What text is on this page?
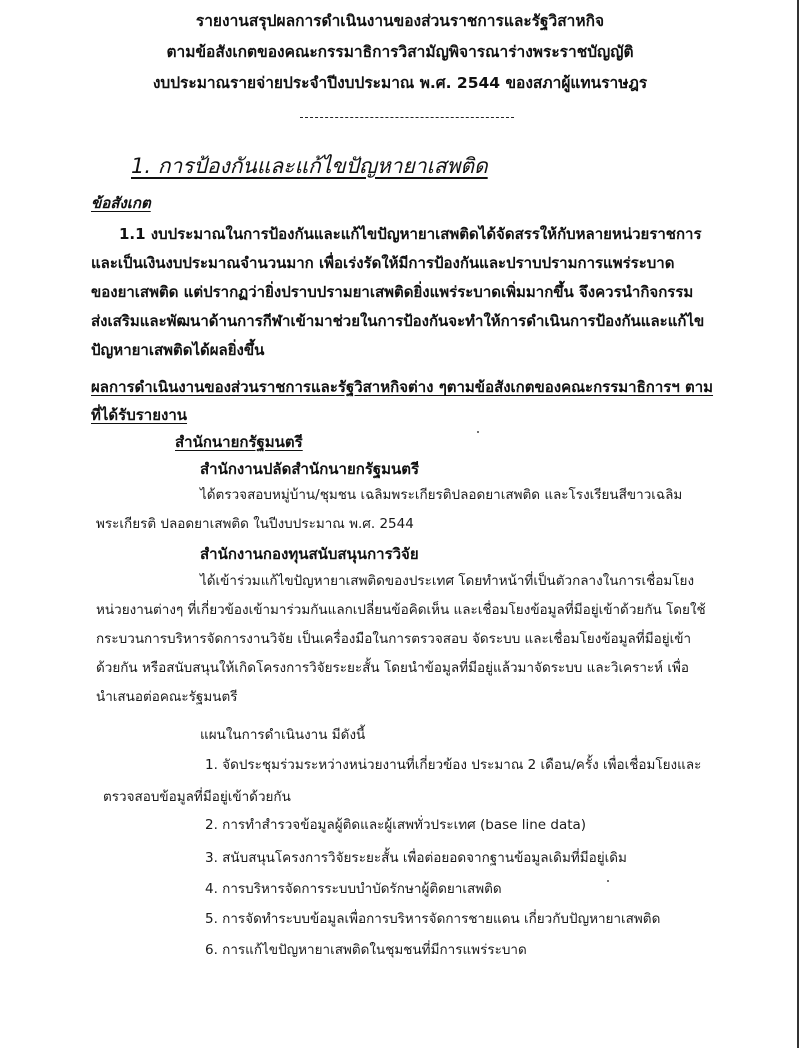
รายงานสรุปผลการดำเนินงานของส่วนราชการและรัฐวิสาหกิจ
ตามข้อสังเกตของคณะกรรมาธิการวิสามัญพิจารณาร่างพระราชบัญญัติ
งบประมาณรายจ่ายประจำปีงบประมาณ พ.ศ. 2544 ของสภาผู้แทนราษฎร
1. การป้องกันและแก้ไขปัญหายาเสพติด
ข้อสังเกต
1.1 งบประมาณในการป้องกันและแก้ไขปัญหายาเสพติดได้จัดสรรให้กับหลายหน่วยราชการ
และเป็นเงินงบประมาณจำนวนมาก เพื่อเร่งรัดให้มีการป้องกันและปราบปรามการแพร่ระบาด
ของยาเสพติด แต่ปรากฏว่ายิ่งปราบปรามยาเสพติดยิ่งแพร่ระบาดเพิ่มมากขึ้น จึงควรนำกิจกรรม
ส่งเสริมและพัฒนาด้านการกีฬาเข้ามาช่วยในการป้องกันจะทำให้การดำเนินการป้องกันและแก้ไข
ปัญหายาเสพติดได้ผลยิ่งขึ้น
ผลการดำเนินงานของส่วนราชการและรัฐวิสาหกิจต่าง ๆตามข้อสังเกตของคณะกรรมาธิการฯ ตาม
ที่ได้รับรายงาน
สำนักนายกรัฐมนตรี
สำนักงานปลัดสำนักนายกรัฐมนตรี
ได้ตรวจสอบหมู่บ้าน/ชุมชน เฉลิมพระเกียรติปลอดยาเสพติด และโรงเรียนสีขาวเฉลิม
พระเกียรติ ปลอดยาเสพติด ในปีงบประมาณ พ.ศ. 2544
สำนักงานกองทุนสนับสนุนการวิจัย
ได้เข้าร่วมแก้ไขปัญหายาเสพติดของประเทศ โดยทำหน้าที่เป็นตัวกลางในการเชื่อมโยง
หน่วยงานต่างๆ ที่เกี่ยวข้องเข้ามาร่วมกันแลกเปลี่ยนข้อคิดเห็น และเชื่อมโยงข้อมูลที่มีอยู่เข้าด้วยกัน โดยใช้
กระบวนการบริหารจัดการงานวิจัย เป็นเครื่องมือในการตรวจสอบ จัดระบบ และเชื่อมโยงข้อมูลที่มีอยู่เข้า
ด้วยกัน หรือสนับสนุนให้เกิดโครงการวิจัยระยะสั้น โดยนำข้อมูลที่มีอยู่แล้วมาจัดระบบ และวิเคราะห์ เพื่อ
นำเสนอต่อคณะรัฐมนตรี
แผนในการดำเนินงาน มีดังนี้
1. จัดประชุมร่วมระหว่างหน่วยงานที่เกี่ยวข้อง ประมาณ 2 เดือน/ครั้ง เพื่อเชื่อมโยงและ
ตรวจสอบข้อมูลที่มีอยู่เข้าด้วยกัน
2. การทำสำรวจข้อมูลผู้ติดและผู้เสพทั่วประเทศ (base line data)
3. สนับสนุนโครงการวิจัยระยะสั้น เพื่อต่อยอดจากฐานข้อมูลเดิมที่มีอยู่เดิม
4. การบริหารจัดการระบบบำบัดรักษาผู้ติดยาเสพติด
5. การจัดทำระบบข้อมูลเพื่อการบริหารจัดการชายแดน เกี่ยวกับปัญหายาเสพติด
6. การแก้ไขปัญหายาเสพติดในชุมชนที่มีการแพร่ระบาด
